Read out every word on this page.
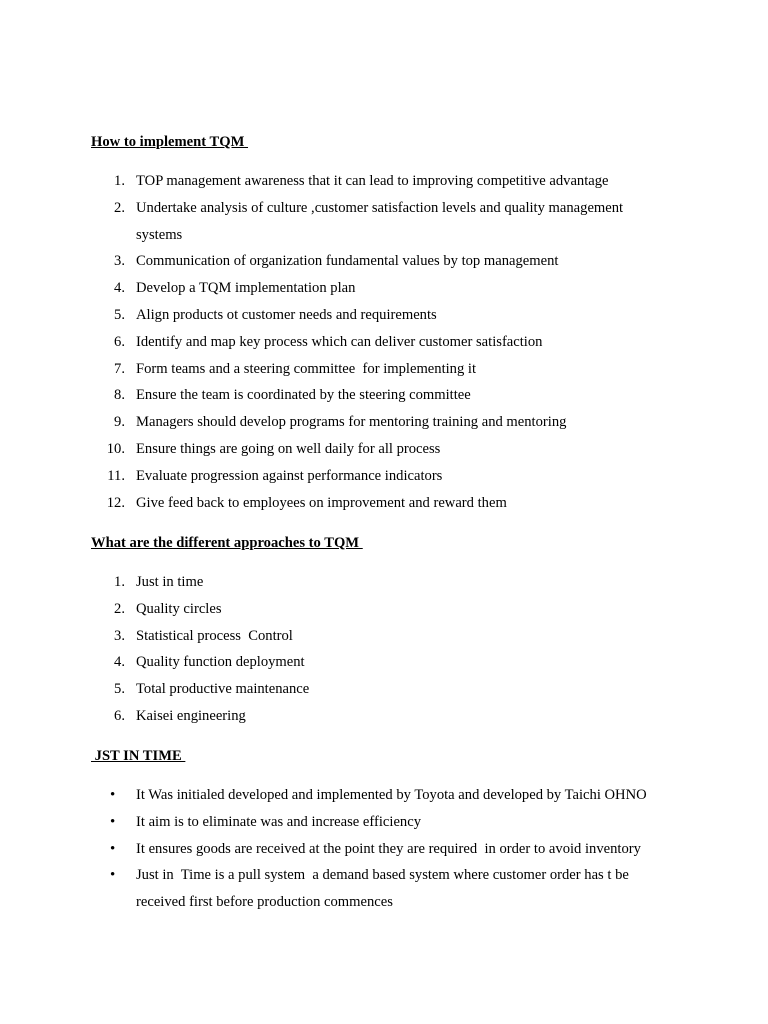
How to implement TQM
1. TOP management awareness that it can lead to improving competitive advantage
2. Undertake analysis of culture ,customer satisfaction levels and quality management systems
3. Communication of organization fundamental values by top management
4. Develop a TQM implementation plan
5. Align products ot customer needs and requirements
6. Identify and map key process which can deliver customer satisfaction
7. Form teams and a steering committee  for implementing it
8. Ensure the team is coordinated by the steering committee
9. Managers should develop programs for mentoring training and mentoring
10. Ensure things are going on well daily for all process
11. Evaluate progression against performance indicators
12. Give feed back to employees on improvement and reward them
What are the different approaches to TQM
1. Just in time
2. Quality circles
3. Statistical process  Control
4. Quality function deployment
5. Total productive maintenance
6. Kaisei engineering
JST IN TIME
• It Was initialed developed and implemented by Toyota and developed by Taichi OHNO
• It aim is to eliminate was and increase efficiency
• It ensures goods are received at the point they are required  in order to avoid inventory
• Just in  Time is a pull system  a demand based system where customer order has t be received first before production commences
